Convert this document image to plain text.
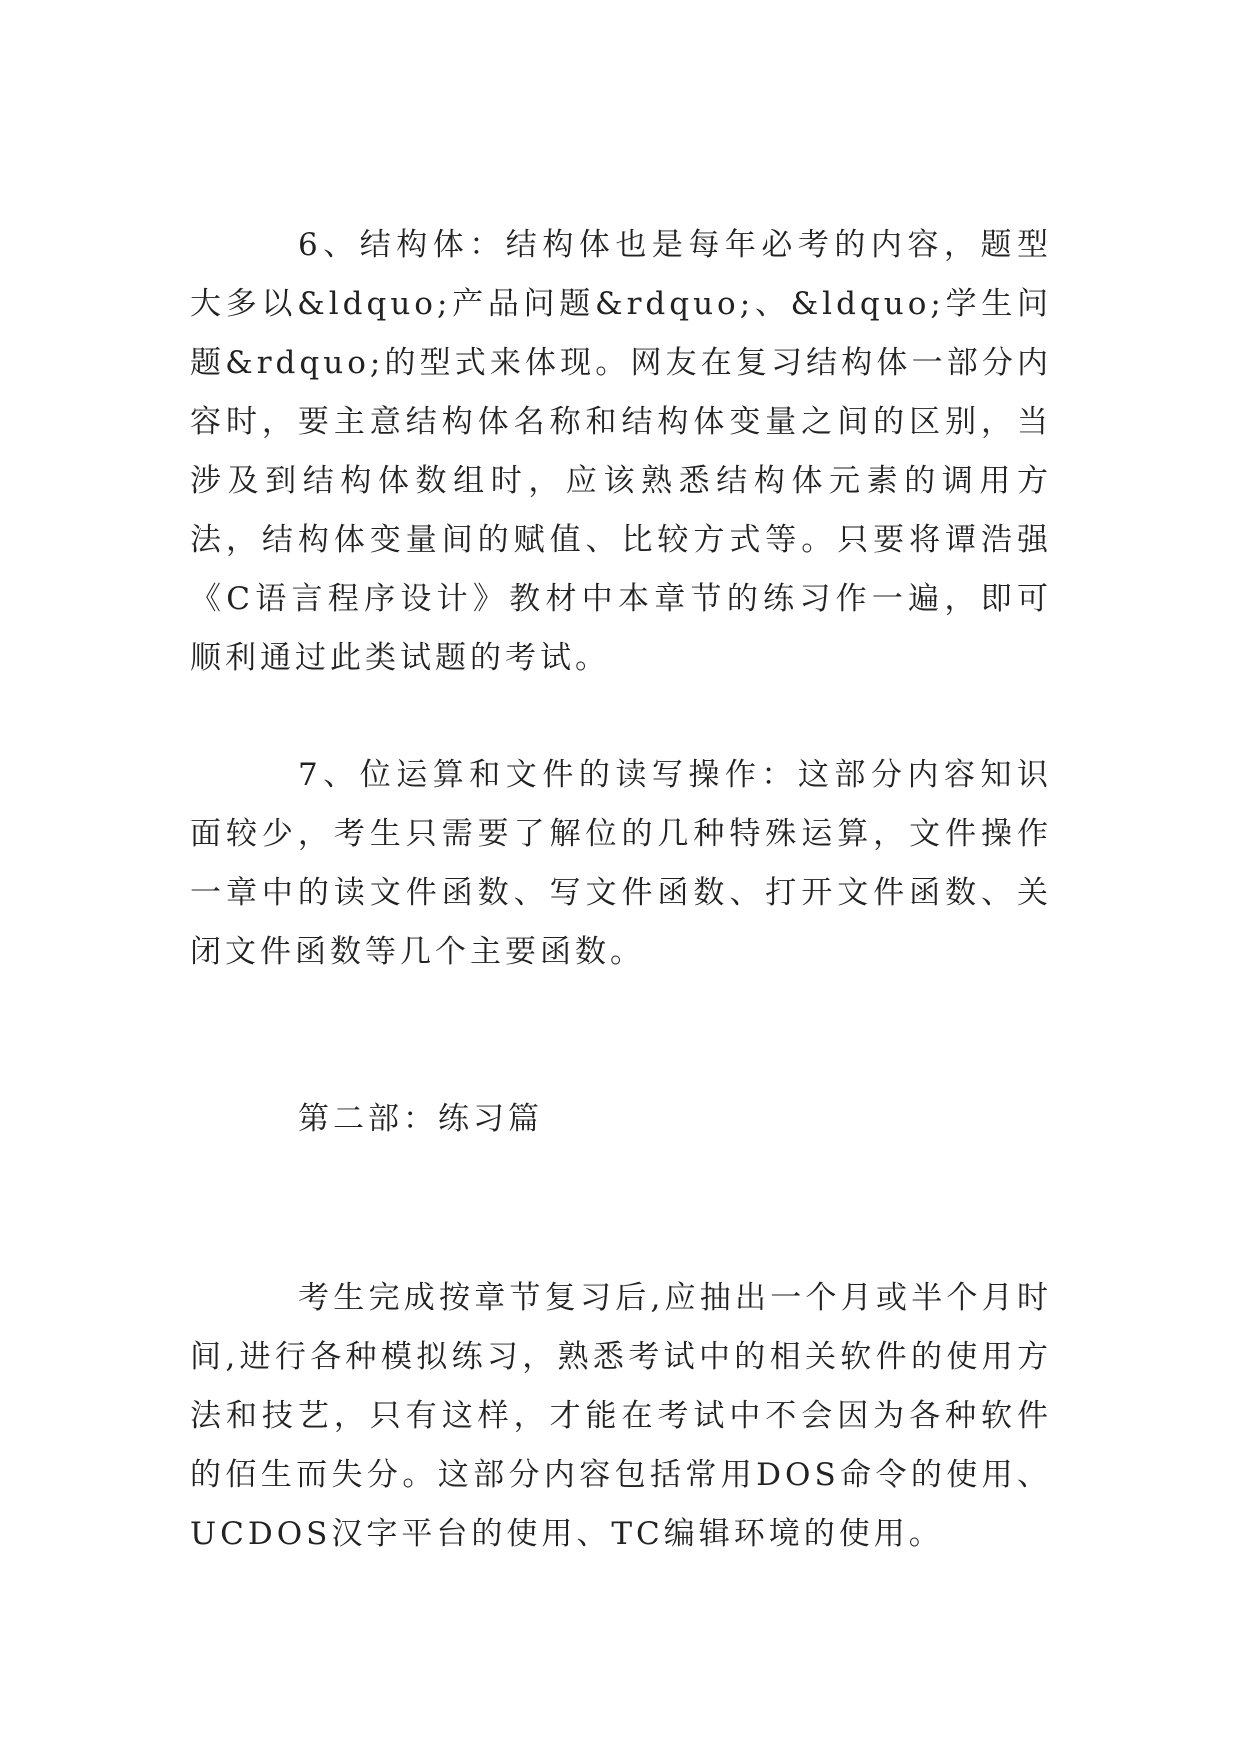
6、结构体：结构体也是每年必考的内容，题型大多以&ldquo;产品问题&rdquo;、&ldquo;学生问题&rdquo;的型式来体现。网友在复习结构体一部分内容时，要主意结构体名称和结构体变量之间的区别，当涉及到结构体数组时，应该熟悉结构体元素的调用方法，结构体变量间的赋值、比较方式等。只要将谭浩强《C语言程序设计》教材中本章节的练习作一遍，即可顺利通过此类试题的考试。

7、位运算和文件的读写操作：这部分内容知识面较少，考生只需要了解位的几种特殊运算，文件操作一章中的读文件函数、写文件函数、打开文件函数、关闭文件函数等几个主要函数。

第二部：练习篇

考生完成按章节复习后,应抽出一个月或半个月时间,进行各种模拟练习，熟悉考试中的相关软件的使用方法和技艺，只有这样，才能在考试中不会因为各种软件的佰生而失分。这部分内容包括常用DOS命令的使用、UCDOS汉字平台的使用、TC编辑环境的使用。
